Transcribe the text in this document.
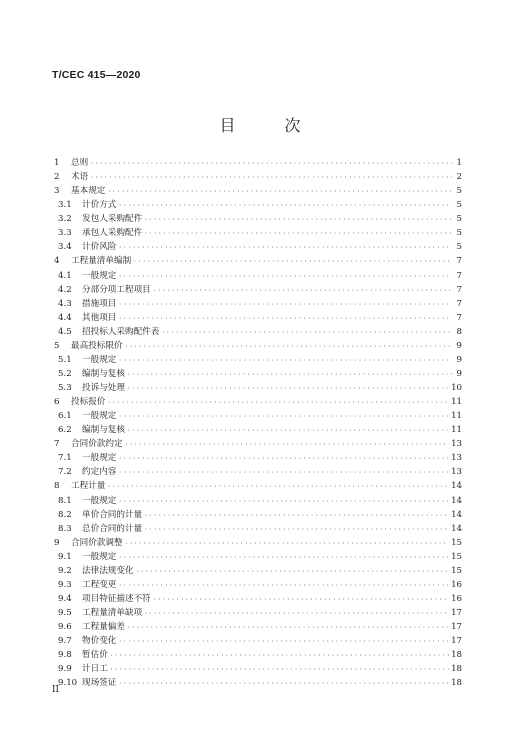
T/CEC 415—2020
目 次
1	总则 ·····	1
2	术语 ·····	2
3	基本规定 ·····	5
3.1	计价方式 ·····	5
3.2	发包人采购配件 ·····	5
3.3	承包人采购配件 ·····	5
3.4	计价风险 ·····	5
4	工程量清单编制 ·····	7
4.1	一般规定 ·····	7
4.2	分部分项工程项目 ·····	7
4.3	措施项目 ·····	7
4.4	其他项目 ·····	7
4.5	招投标人采购配件表 ·····	8
5	最高投标限价 ·····	9
5.1	一般规定 ·····	9
5.2	编制与复核 ·····	9
5.3	投诉与处理 ·····	10
6	投标报价 ·····	11
6.1	一般规定 ·····	11
6.2	编制与复核 ·····	11
7	合同价款约定 ·····	13
7.1	一般规定 ·····	13
7.2	约定内容 ·····	13
8	工程计量 ·····	14
8.1	一般规定 ·····	14
8.2	单价合同的计量 ·····	14
8.3	总价合同的计量 ·····	14
9	合同价款调整 ·····	15
9.1	一般规定 ·····	15
9.2	法律法规变化 ·····	15
9.3	工程变更 ·····	16
9.4	项目特征描述不符 ·····	16
9.5	工程量清单缺项 ·····	17
9.6	工程量偏差 ·····	17
9.7	物价变化 ·····	17
9.8	暂估价 ·····	18
9.9	计日工 ·····	18
9.10 现场签证 ·····	18
II
